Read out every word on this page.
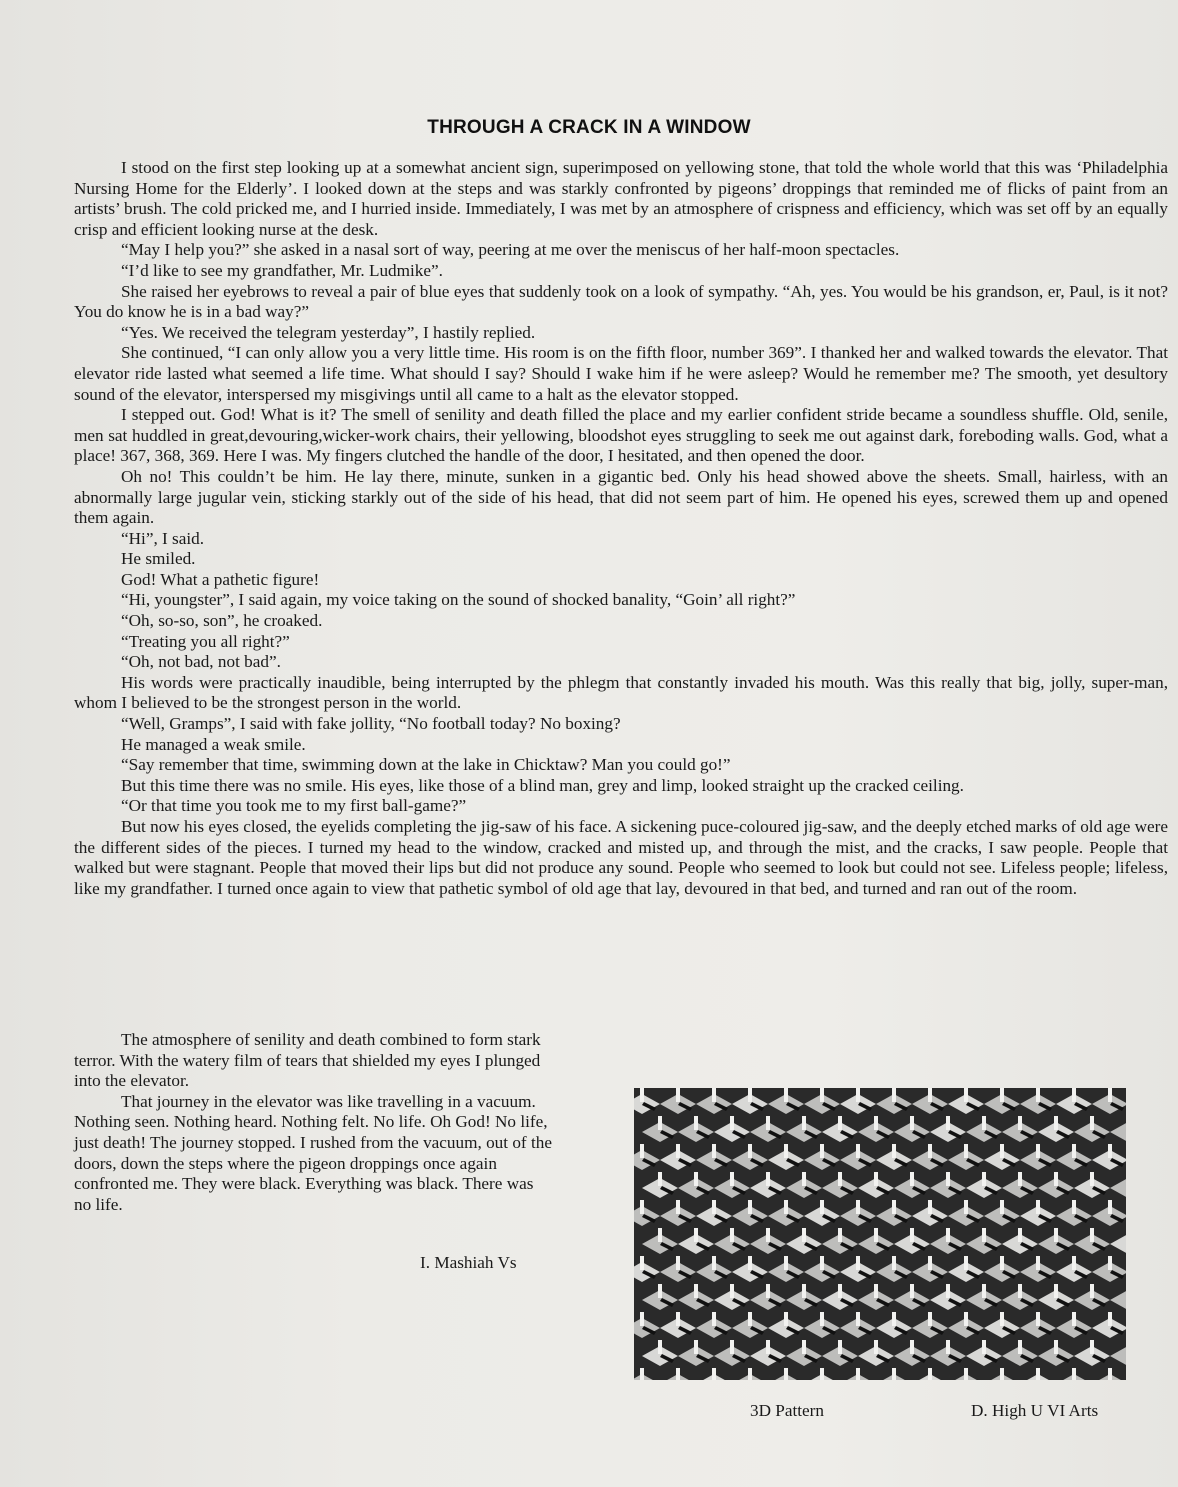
THROUGH A CRACK IN A WINDOW

I stood on the first step looking up at a somewhat ancient sign, superimposed on yellowing stone, that told the whole world that this was ‘Philadelphia Nursing Home for the Elderly’. I looked down at the steps and was starkly confronted by pigeons’ droppings that reminded me of flicks of paint from an artists’ brush. The cold pricked me, and I hurried inside. Immediately, I was met by an atmosphere of crispness and efficiency, which was set off by an equally crisp and efficient looking nurse at the desk.

“May I help you?” she asked in a nasal sort of way, peering at me over the meniscus of her half-moon spectacles.

“I’d like to see my grandfather, Mr. Ludmike”.

She raised her eyebrows to reveal a pair of blue eyes that suddenly took on a look of sympathy. “Ah, yes. You would be his grandson, er, Paul, is it not? You do know he is in a bad way?”

“Yes. We received the telegram yesterday”, I hastily replied.

She continued, “I can only allow you a very little time. His room is on the fifth floor, number 369”. I thanked her and walked towards the elevator. That elevator ride lasted what seemed a life time. What should I say? Should I wake him if he were asleep? Would he remember me? The smooth, yet desultory sound of the elevator, interspersed my misgivings until all came to a halt as the elevator stopped.

I stepped out. God! What is it? The smell of senility and death filled the place and my earlier confident stride became a soundless shuffle. Old, senile, men sat huddled in great,devouring,wicker-work chairs, their yellowing, bloodshot eyes struggling to seek me out against dark, foreboding walls. God, what a place! 367, 368, 369. Here I was. My fingers clutched the handle of the door, I hesitated, and then opened the door.

Oh no! This couldn’t be him. He lay there, minute, sunken in a gigantic bed. Only his head showed above the sheets. Small, hairless, with an abnormally large jugular vein, sticking starkly out of the side of his head, that did not seem part of him. He opened his eyes, screwed them up and opened them again.

“Hi”, I said.

He smiled.

God! What a pathetic figure!

“Hi, youngster”, I said again, my voice taking on the sound of shocked banality, “Goin’ all right?”

“Oh, so-so, son”, he croaked.

“Treating you all right?”

“Oh, not bad, not bad”.

His words were practically inaudible, being interrupted by the phlegm that constantly invaded his mouth. Was this really that big, jolly, super-man, whom I believed to be the strongest person in the world.

“Well, Gramps”, I said with fake jollity, “No football today? No boxing?

He managed a weak smile.

“Say remember that time, swimming down at the lake in Chicktaw? Man you could go!”

But this time there was no smile. His eyes, like those of a blind man, grey and limp, looked straight up the cracked ceiling.

“Or that time you took me to my first ball-game?”

But now his eyes closed, the eyelids completing the jig-saw of his face. A sickening puce-coloured jig-saw, and the deeply etched marks of old age were the different sides of the pieces. I turned my head to the window, cracked and misted up, and through the mist, and the cracks, I saw people. People that walked but were stagnant. People that moved their lips but did not produce any sound. People who seemed to look but could not see. Lifeless people; lifeless, like my grandfather. I turned once again to view that pathetic symbol of old age that lay, devoured in that bed, and turned and ran out of the room.

The atmosphere of senility and death combined to form stark terror. With the watery film of tears that shielded my eyes I plunged into the elevator.

That journey in the elevator was like travelling in a vacuum. Nothing seen. Nothing heard. Nothing felt. No life. Oh God! No life, just death! The journey stopped. I rushed from the vacuum, out of the doors, down the steps where the pigeon droppings once again confronted me. They were black. Everything was black. There was no life.

I. Mashiah Vs
3D Pattern	D. High U VI Arts
